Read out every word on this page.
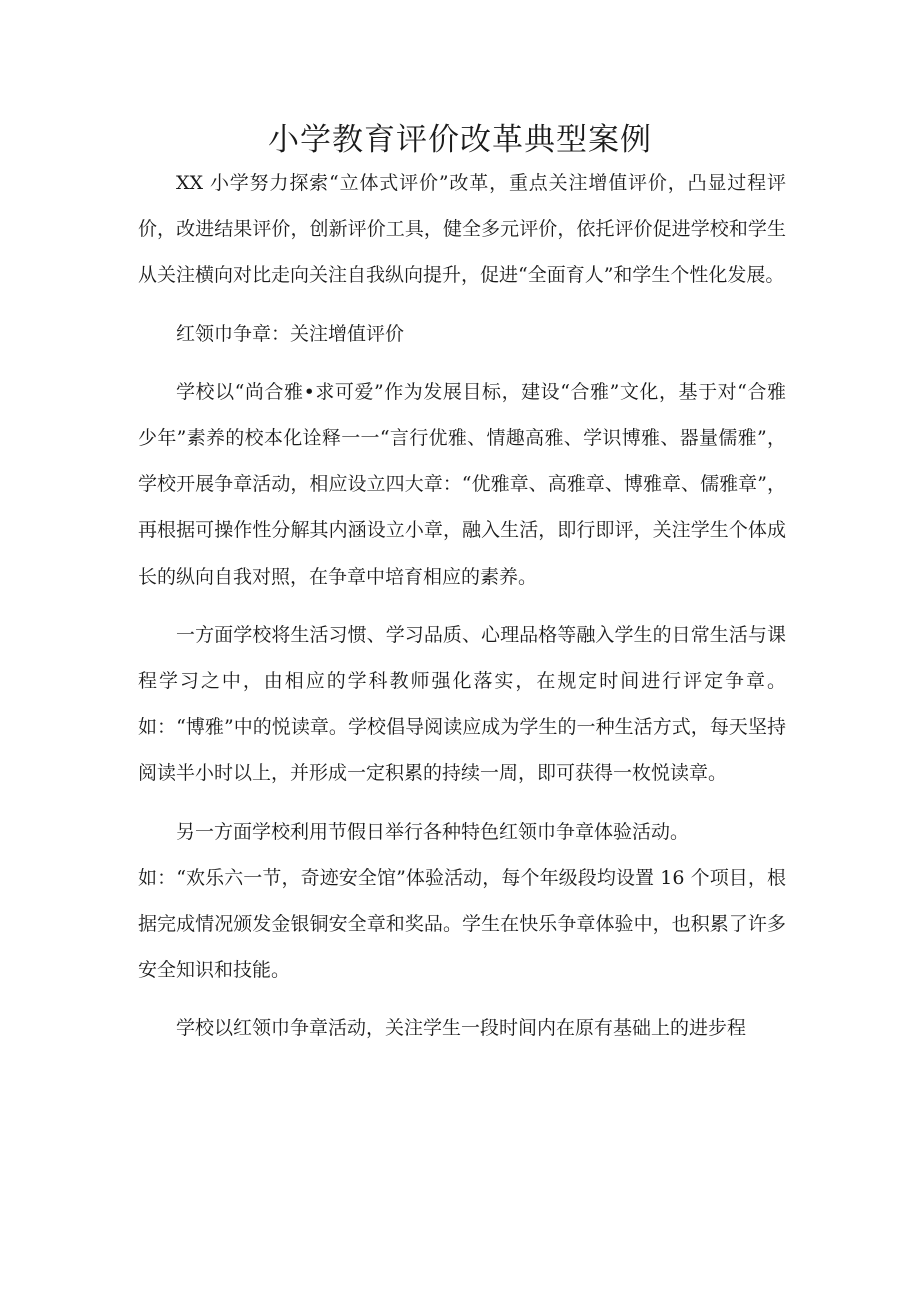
小学教育评价改革典型案例

XX 小学努力探索“立体式评价”改革，重点关注增值评价，凸显过程评价，改进结果评价，创新评价工具，健全多元评价，依托评价促进学校和学生从关注横向对比走向关注自我纵向提升，促进“全面育人”和学生个性化发展。

红领巾争章：关注增值评价

学校以“尚合雅•求可爱”作为发展目标，建设“合雅”文化，基于对“合雅少年”素养的校本化诠释一一“言行优雅、情趣高雅、学识博雅、器量儒雅”，学校开展争章活动，相应设立四大章：“优雅章、高雅章、博雅章、儒雅章”，再根据可操作性分解其内涵设立小章，融入生活，即行即评，关注学生个体成长的纵向自我对照，在争章中培育相应的素养。

一方面学校将生活习惯、学习品质、心理品格等融入学生的日常生活与课程学习之中，由相应的学科教师强化落实，在规定时间进行评定争章。如：“博雅”中的悦读章。学校倡导阅读应成为学生的一种生活方式，每天坚持阅读半小时以上，并形成一定积累的持续一周，即可获得一枚悦读章。

另一方面学校利用节假日举行各种特色红领巾争章体验活动。

如：“欢乐六一节，奇迹安全馆”体验活动，每个年级段均设置 16 个项目，根据完成情况颁发金银铜安全章和奖品。学生在快乐争章体验中，也积累了许多安全知识和技能。

学校以红领巾争章活动，关注学生一段时间内在原有基础上的进步程
